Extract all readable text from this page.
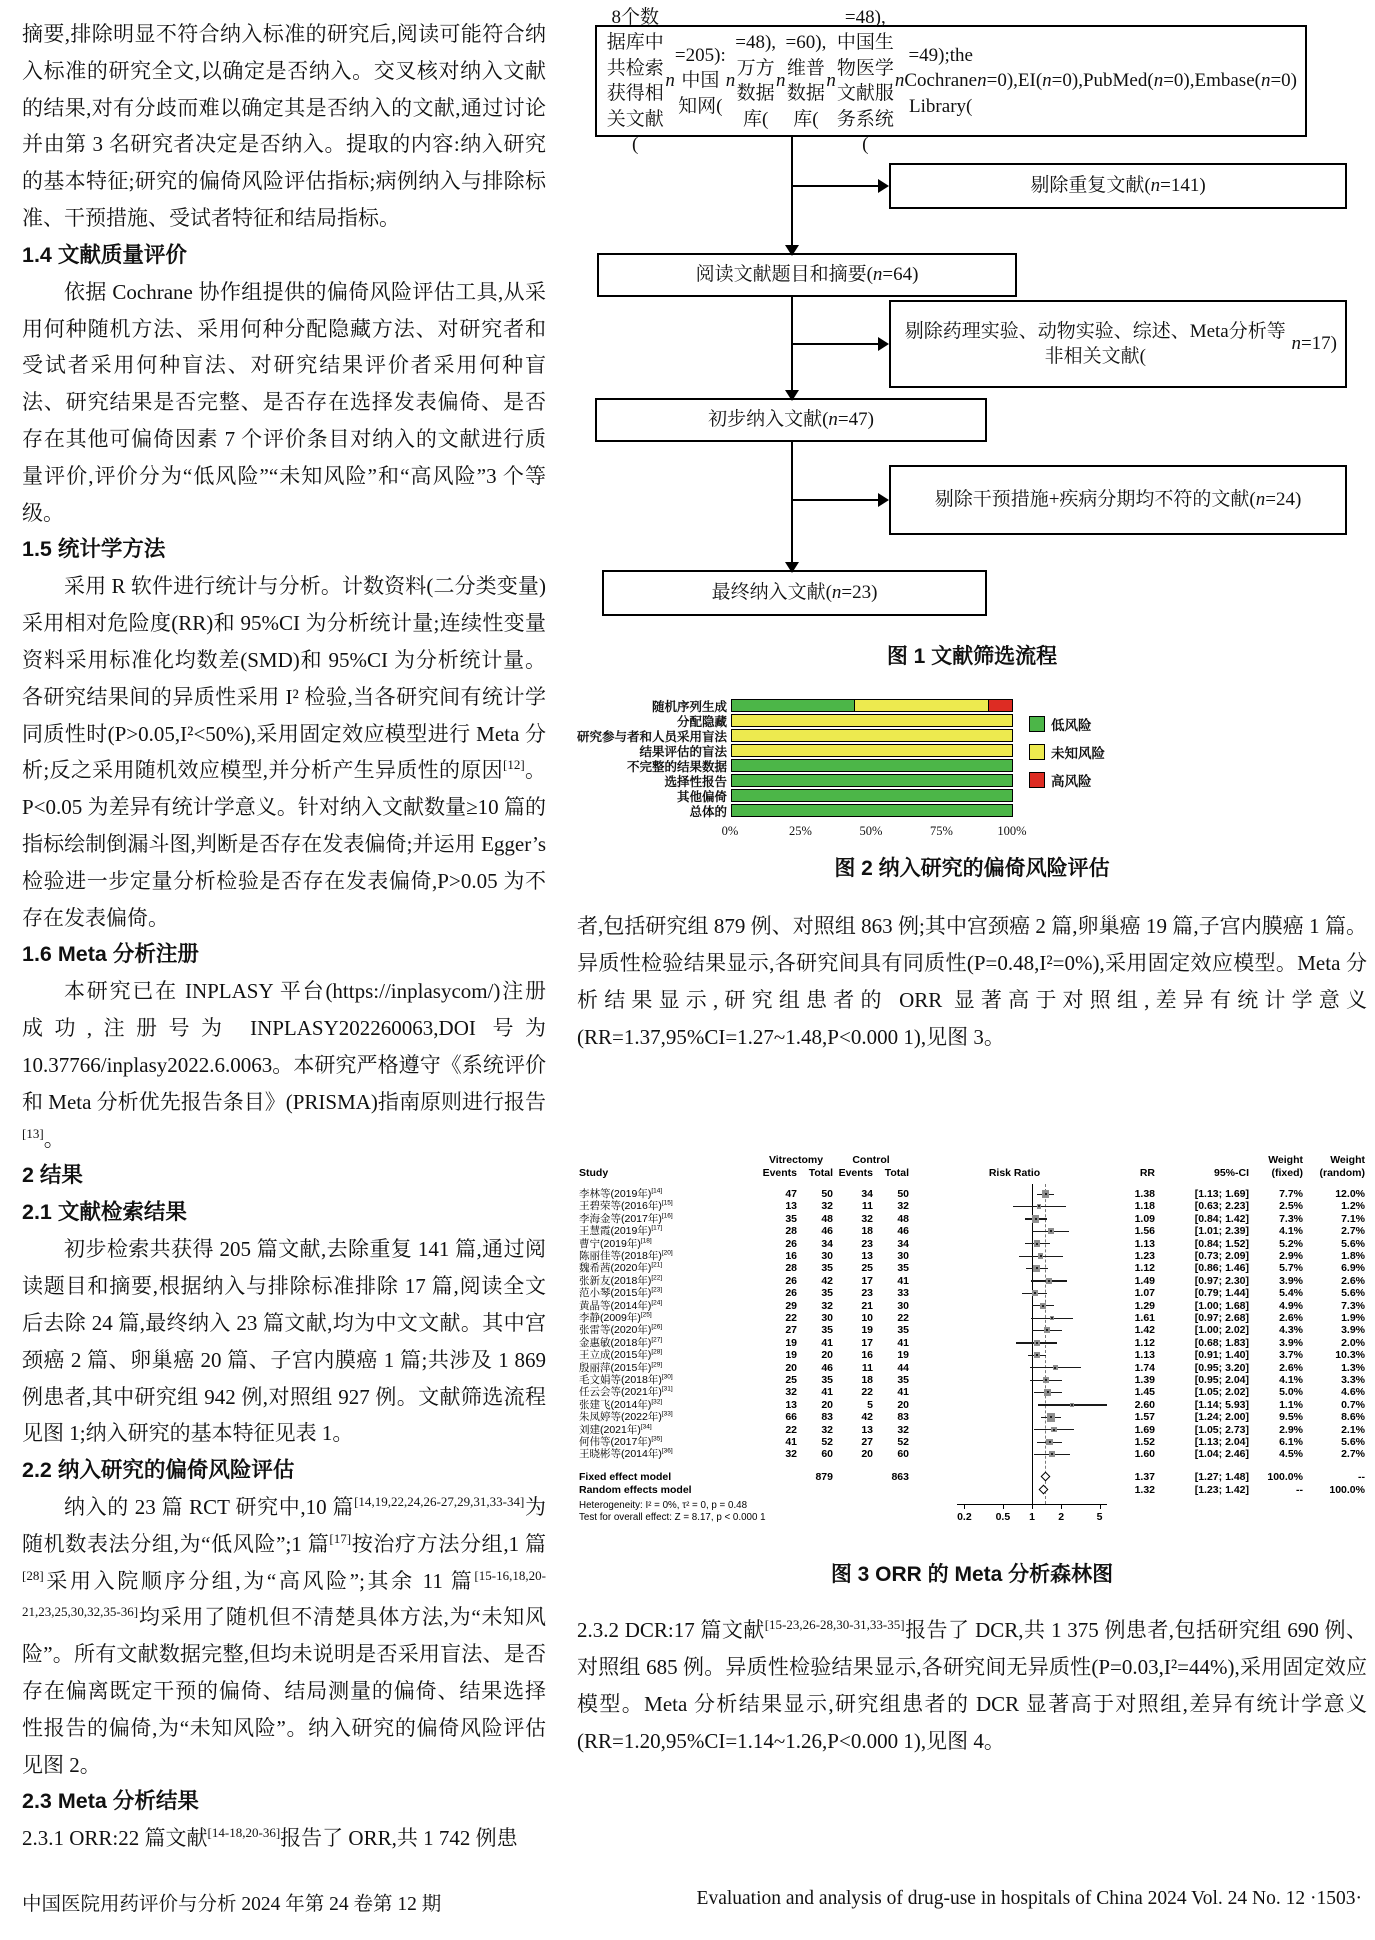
摘要,排除明显不符合纳入标准的研究后,阅读可能符合纳入标准的研究全文,以确定是否纳入。交叉核对纳入文献的结果,对有分歧而难以确定其是否纳入的文献,通过讨论并由第 3 名研究者决定是否纳入。提取的内容:纳入研究的基本特征;研究的偏倚风险评估指标;病例纳入与排除标准、干预措施、受试者特征和结局指标。

1.4 文献质量评价

依据 Cochrane 协作组提供的偏倚风险评估工具,从采用何种随机方法、采用何种分配隐藏方法、对研究者和受试者采用何种盲法、对研究结果评价者采用何种盲法、研究结果是否完整、是否存在选择发表偏倚、是否存在其他可偏倚因素 7 个评价条目对纳入的文献进行质量评价,评价分为“低风险”“未知风险”和“高风险”3 个等级。

1.5 统计学方法

采用 R 软件进行统计与分析。计数资料(二分类变量)采用相对危险度(RR)和 95%CI 为分析统计量;连续性变量资料采用标准化均数差(SMD)和 95%CI 为分析统计量。各研究结果间的异质性采用 I² 检验,当各研究间有统计学同质性时(P>0.05,I²<50%),采用固定效应模型进行 Meta 分析;反之采用随机效应模型,并分析产生异质性的原因[12]。P<0.05 为差异有统计学意义。针对纳入文献数量≥10 篇的指标绘制倒漏斗图,判断是否存在发表偏倚;并运用 Egger’s 检验进一步定量分析检验是否存在发表偏倚,P>0.05 为不存在发表偏倚。

1.6 Meta 分析注册

本研究已在 INPLASY 平台(https://inplasycom/)注册成功,注册号为 INPLASY202260063,DOI 号为 10.37766/inplasy2022.6.0063。本研究严格遵守《系统评价和 Meta 分析优先报告条目》(PRISMA)指南原则进行报告[13]。

2 结果
2.1 文献检索结果

初步检索共获得 205 篇文献,去除重复 141 篇,通过阅读题目和摘要,根据纳入与排除标准排除 17 篇,阅读全文后去除 24 篇,最终纳入 23 篇文献,均为中文文献。其中宫颈癌 2 篇、卵巢癌 20 篇、子宫内膜癌 1 篇;共涉及 1 869 例患者,其中研究组 942 例,对照组 927 例。文献筛选流程见图 1;纳入研究的基本特征见表 1。

2.2 纳入研究的偏倚风险评估

纳入的 23 篇 RCT 研究中,10 篇[14,19,22,24,26-27,29,31,33-34]为随机数表法分组,为“低风险”;1 篇[17]按治疗方法分组,1 篇[28]采用入院顺序分组,为“高风险”;其余 11 篇[15-16,18,20-21,23,25,30,32,35-36]均采用了随机但不清楚具体方法,为“未知风险”。所有文献数据完整,但均未说明是否采用盲法、是否存在偏离既定干预的偏倚、结局测量的偏倚、结果选择性报告的偏倚,为“未知风险”。纳入研究的偏倚风险评估见图 2。

2.3 Meta 分析结果

2.3.1 ORR:22 篇文献[14-18,20-36]报告了 ORR,共 1 742 例患

8个数据库中共检索获得相关文献(
n
=205):中国知网(
n
=48),万方数据库(
n
=60),维普数据库(
n
=48),中国生物医学文献服务系统(
n
=49);the Cochrane Library(
n =0),EI( n =0),PubMed( n =0),Embase( n =0)
剔除重复文献( n =141)
阅读文献题目和摘要( n =64)
剔除药理实验、动物实验、综述、Meta分析等非相关文献(
n =17)
初步纳入文献( n =47)
剔除干预措施+疾病分期均不符的文献( n =24)
最终纳入文献( n =23)
图 1 文献筛选流程
随机序列生成
分配隐藏
研究参与者和人员采用盲法
结果评估的盲法
不完整的结果数据
选择性报告
其他偏倚
总体的
0%	25%	50%	75%	100%
低风险
未知风险
高风险
图 2 纳入研究的偏倚风险评估

者,包括研究组 879 例、对照组 863 例;其中宫颈癌 2 篇,卵巢癌 19 篇,子宫内膜癌 1 篇。异质性检验结果显示,各研究间具有同质性(P=0.48,I²=0%),采用固定效应模型。Meta 分析结果显示,研究组患者的 ORR 显著高于对照组,差异有统计学意义(RR=1.37,95%CI=1.27~1.48,P<0.000 1),见图 3。

Vitrectomy	Control	Weight	Weight
Study	Events	Total Events	Total	Risk Ratio	RR	95%-CI	(fixed)	(random)
李林等(2019年)[14]	47	50	34	50	1.38	[1.13; 1.69]	7.7%	12.0%
王碧荣等(2016年)[15]	13	32	11	32	1.18	[0.63; 2.23]	2.5%	1.2%
李海金等(2017年)[16]	35	48	32	48	1.09	[0.84; 1.42]	7.3%	7.1%
王慧霞(2019年)[17]	28	46	18	46	1.56	[1.01; 2.39]	4.1%	2.7%
曹宁(2019年)[18]	26	34	23	34	1.13	[0.84; 1.52]	5.2%	5.6%
陈丽佳等(2018年)[20]	16	30	13	30	1.23	[0.73; 2.09]	2.9%	1.8%
魏希茜(2020年)[21]	28	35	25	35	1.12	[0.86; 1.46]	5.7%	6.9%
张新友(2018年)[22]	26	42	17	41	1.49	[0.97; 2.30]	3.9%	2.6%
范小琴(2015年)[23]	26	35	23	33	1.07	[0.79; 1.44]	5.4%	5.6%
黄晶等(2014年)[24]	29	32	21	30	1.29	[1.00; 1.68]	4.9%	7.3%
李静(2009年)[25]	22	30	10	22	1.61	[0.97; 2.68]	2.6%	1.9%
张雷等(2020年)[26]	27	35	19	35	1.42	[1.00; 2.02]	4.3%	3.9%
金惠敏(2018年)[27]	19	41	17	41	1.12	[0.68; 1.83]	3.9%	2.0%
王立成(2015年)[28]	19	20	16	19	1.13	[0.91; 1.40]	3.7%	10.3%
殷丽萍(2015年)[29]	20	46	11	44	1.74	[0.95; 3.20]	2.6%	1.3%
毛文娟等(2018年)[30]	25	35	18	35	1.39	[0.95; 2.04]	4.1%	3.3%
任云会等(2021年)[31]	32	41	22	41	1.45	[1.05; 2.02]	5.0%	4.6%
张建飞(2014年)[32]	13	20	5	20	2.60	[1.14; 5.93]	1.1%	0.7%
朱凤婷等(2022年)[33]	66	83	42	83	1.57	[1.24; 2.00]	9.5%	8.6%
刘建(2021年)[34]	22	32	13	32	1.69	[1.05; 2.73]	2.9%	2.1%
何伟等(2017年)[35]	41	52	27	52	1.52	[1.13; 2.04]	6.1%	5.6%
王晓彬等(2014年)[36]	32	60	20	60	1.60	[1.04; 2.46]	4.5%	2.7%
Fixed effect model	879	863	1.37	[1.27; 1.48]	100.0%	--
Random effects model	1.32	[1.23; 1.42]	--	100.0%
Heterogeneity: I² = 0%, τ² = 0, p = 0.48
Test for overall effect: Z = 8.17, p < 0.000 1	0.2 0.5 1 2	5
图 3 ORR 的 Meta 分析森林图

2.3.2 DCR:17 篇文献[15-23,26-28,30-31,33-35]报告了 DCR,共 1 375 例患者,包括研究组 690 例、对照组 685 例。异质性检验结果显示,各研究间无异质性(P=0.03,I²=44%),采用固定效应模型。Meta 分析结果显示,研究组患者的 DCR 显著高于对照组,差异有统计学意义(RR=1.20,95%CI=1.14~1.26,P<0.000 1),见图 4。

中国医院用药评价与分析 2024 年第 24 卷第 12 期	Evaluation and analysis of drug-use in hospitals of China 2024 Vol. 24 No. 12 ·1503·
